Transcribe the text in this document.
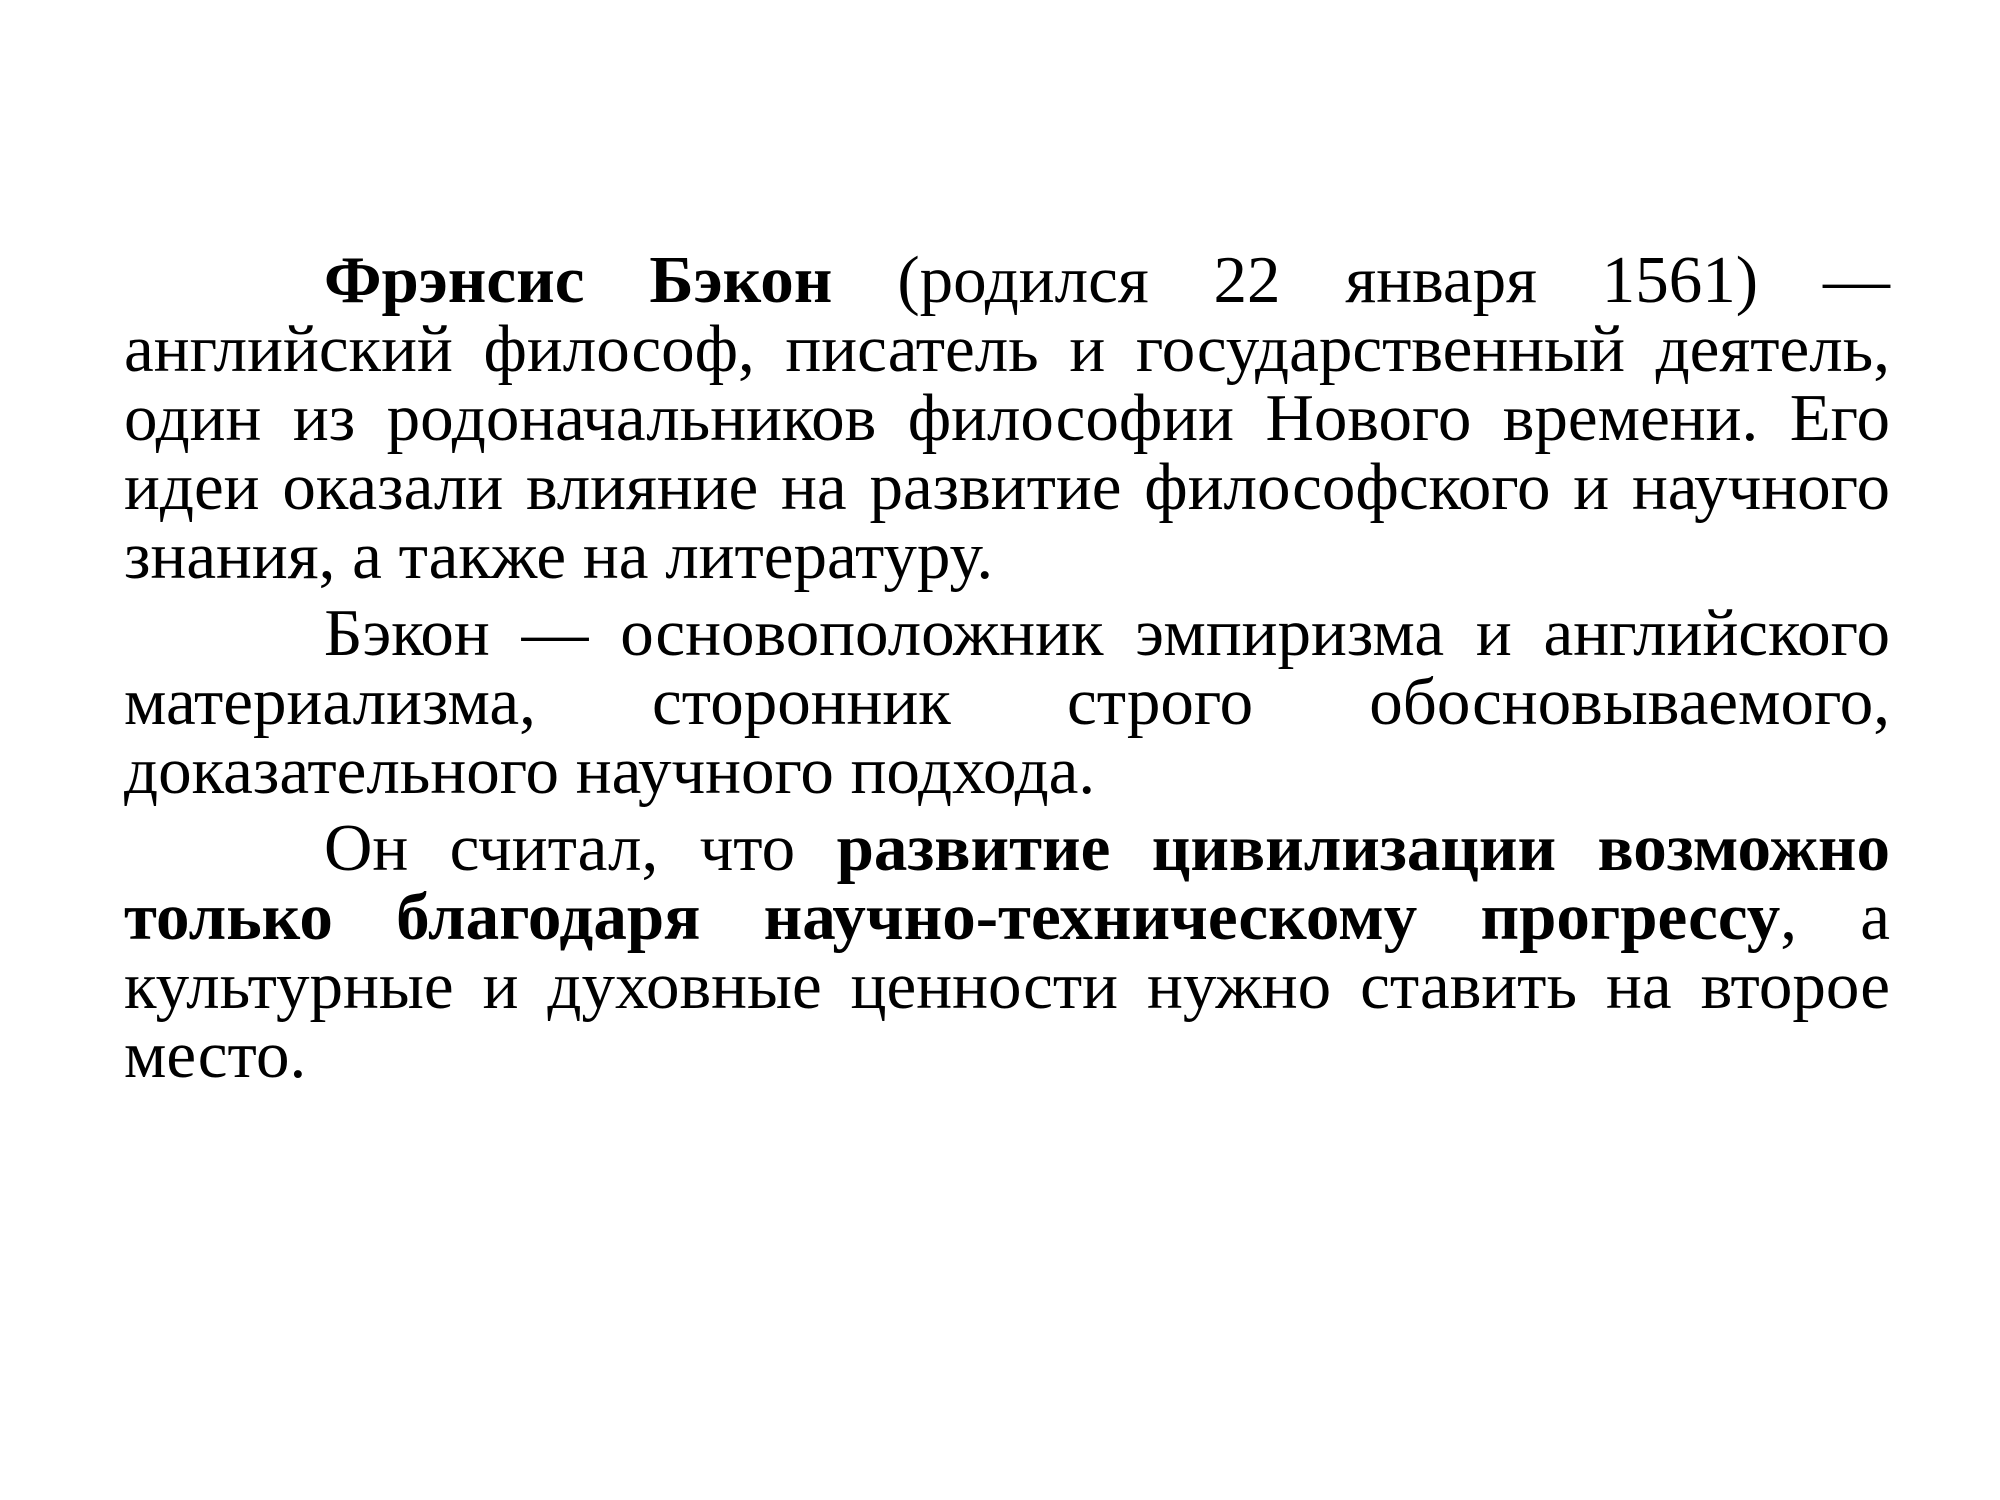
Фрэнсис Бэкон (родился 22 января 1561) — английский философ, писатель и государственный деятель, один из родоначальников философии Нового времени. Его идеи оказали влияние на развитие философского и научного знания, а также на литературу.

Бэкон — основоположник эмпиризма и английского материализма, сторонник строго обосновываемого, доказательного научного подхода.

Он считал, что развитие цивилизации возможно только благодаря научно-техническому прогрессу, а культурные и духовные ценности нужно ставить на второе место.
